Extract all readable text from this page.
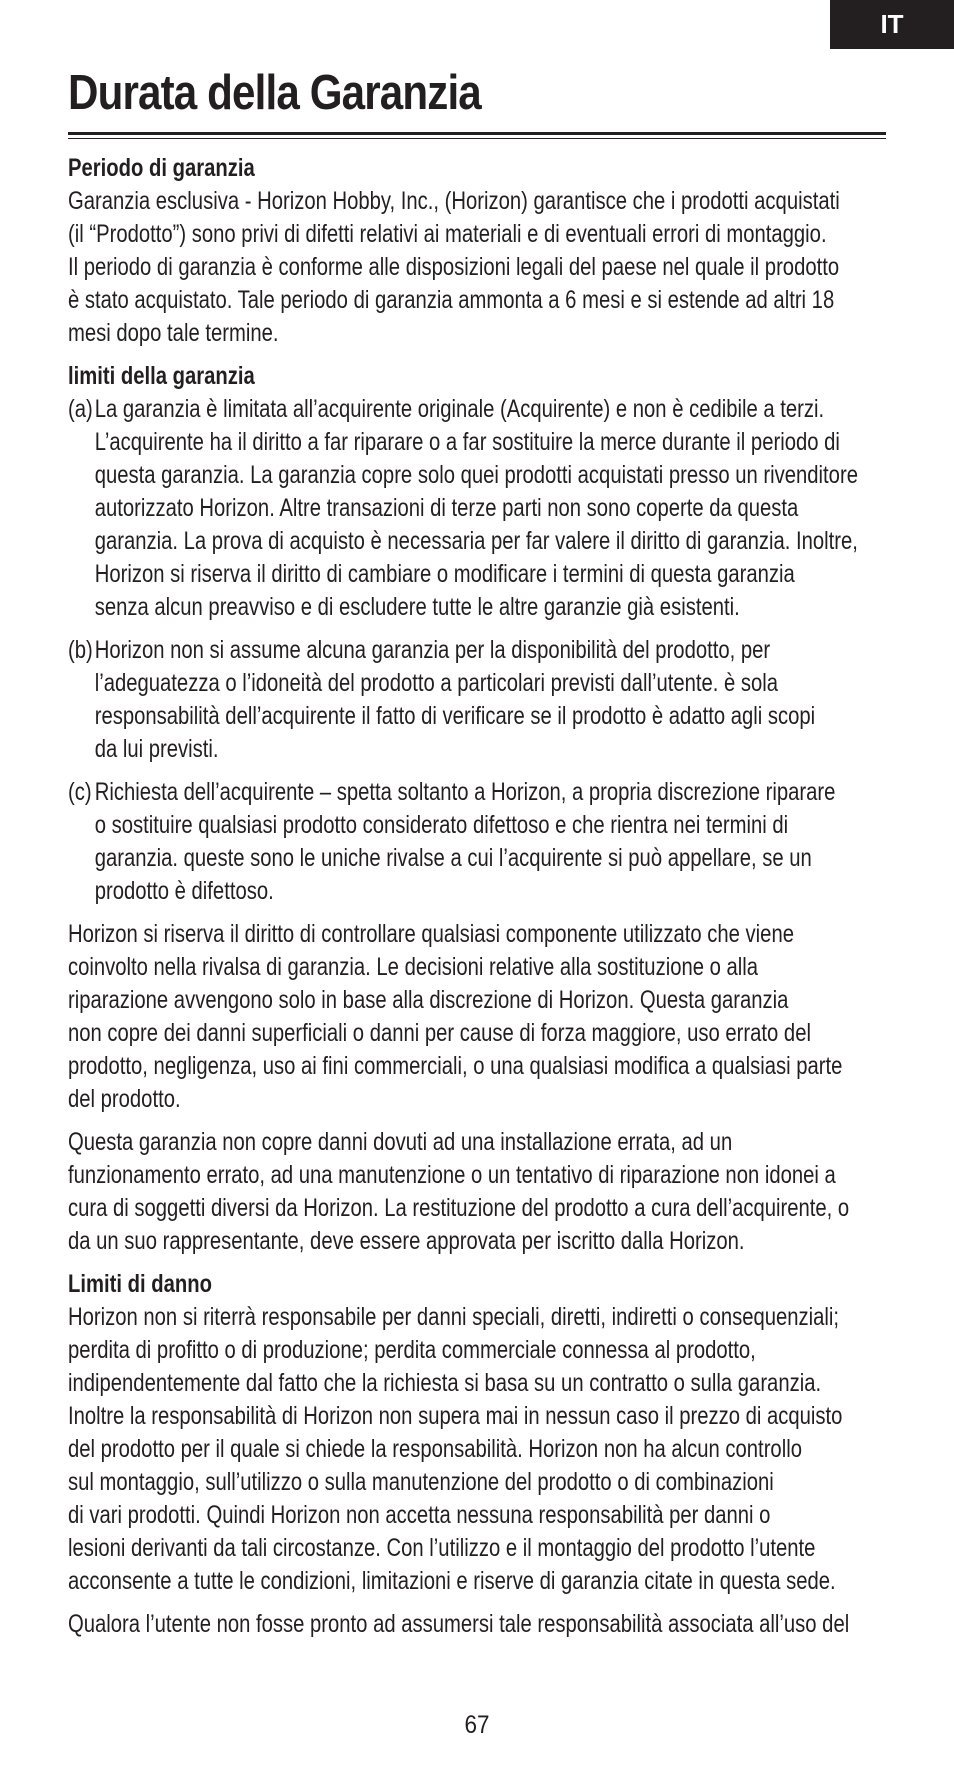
IT
Durata della Garanzia

Periodo di garanzia

Garanzia esclusiva - Horizon Hobby, Inc., (Horizon) garantisce che i prodotti acquistati
(il “Prodotto”) sono privi di difetti relativi ai materiali e di eventuali errori di montaggio.
Il periodo di garanzia è conforme alle disposizioni legali del paese nel quale il prodotto
è stato acquistato. Tale periodo di garanzia ammonta a 6 mesi e si estende ad altri 18
mesi dopo tale termine.

limiti della garanzia

(a) La garanzia è limitata all’acquirente originale (Acquirente) e non è cedibile a terzi.
L’acquirente ha il diritto a far riparare o a far sostituire la merce durante il periodo di
questa garanzia. La garanzia copre solo quei prodotti acquistati presso un rivenditore
autorizzato Horizon. Altre transazioni di terze parti non sono coperte da questa
garanzia. La prova di acquisto è necessaria per far valere il diritto di garanzia. Inoltre,
Horizon si riserva il diritto di cambiare o modificare i termini di questa garanzia
senza alcun preavviso e di escludere tutte le altre garanzie già esistenti.
(b) Horizon non si assume alcuna garanzia per la disponibilità del prodotto, per
l’adeguatezza o l’idoneità del prodotto a particolari previsti dall’utente. è sola
responsabilità dell’acquirente il fatto di verificare se il prodotto è adatto agli scopi
da lui previsti.
(c) Richiesta dell’acquirente – spetta soltanto a Horizon, a propria discrezione riparare
o sostituire qualsiasi prodotto considerato difettoso e che rientra nei termini di
garanzia. queste sono le uniche rivalse a cui l’acquirente si può appellare, se un
prodotto è difettoso.

Horizon si riserva il diritto di controllare qualsiasi componente utilizzato che viene
coinvolto nella rivalsa di garanzia. Le decisioni relative alla sostituzione o alla
riparazione avvengono solo in base alla discrezione di Horizon. Questa garanzia
non copre dei danni superficiali o danni per cause di forza maggiore, uso errato del
prodotto, negligenza, uso ai fini commerciali, o una qualsiasi modifica a qualsiasi parte
del prodotto.

Questa garanzia non copre danni dovuti ad una installazione errata, ad un
funzionamento errato, ad una manutenzione o un tentativo di riparazione non idonei a
cura di soggetti diversi da Horizon. La restituzione del prodotto a cura dell’acquirente, o
da un suo rappresentante, deve essere approvata per iscritto dalla Horizon.

Limiti di danno

Horizon non si riterrà responsabile per danni speciali, diretti, indiretti o consequenziali;
perdita di profitto o di produzione; perdita commerciale connessa al prodotto,
indipendentemente dal fatto che la richiesta si basa su un contratto o sulla garanzia.
Inoltre la responsabilità di Horizon non supera mai in nessun caso il prezzo di acquisto
del prodotto per il quale si chiede la responsabilità. Horizon non ha alcun controllo
sul montaggio, sull’utilizzo o sulla manutenzione del prodotto o di combinazioni
di vari prodotti. Quindi Horizon non accetta nessuna responsabilità per danni o
lesioni derivanti da tali circostanze. Con l’utilizzo e il montaggio del prodotto l’utente
acconsente a tutte le condizioni, limitazioni e riserve di garanzia citate in questa sede.

Qualora l’utente non fosse pronto ad assumersi tale responsabilità associata all’uso del

67
